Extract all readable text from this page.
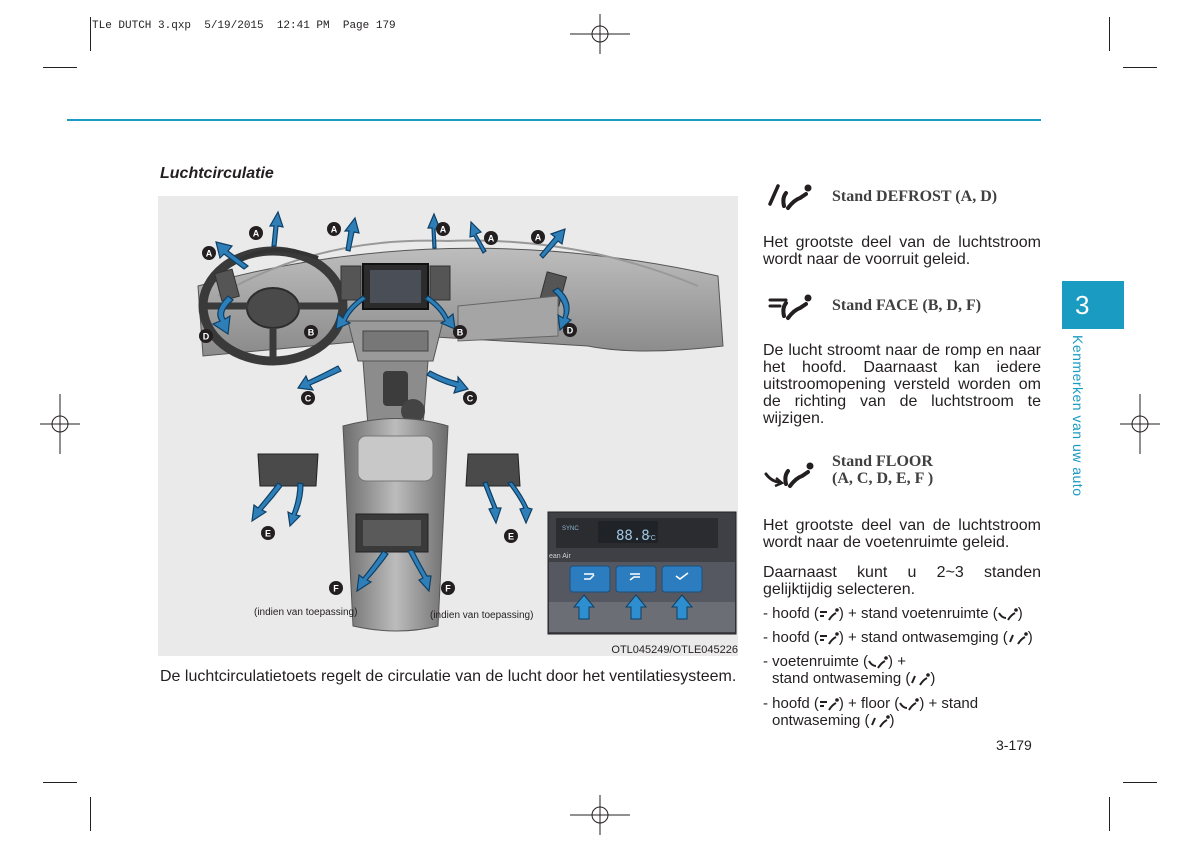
TLe DUTCH 3.qxp  5/19/2015  12:41 PM  Page 179
Luchtcirculatie
A
A	A	A
A	A
B	B
C	C
D
D
E	E
F	F
SYNC	88.8
°C
ean Air
(indien van toepassing)	(indien van toepassing)
OTL045249/OTLE045226
De luchtcirculatietoets regelt de circulatie van de lucht door het ventilatiesysteem.
Stand DEFROST (A, D)
Het grootste deel van de luchtstroom wordt naar de voorruit geleid.
Stand FACE (B, D, F)
De lucht stroomt naar de romp en naar het hoofd. Daarnaast kan iedere uitstroomopening versteld worden om de richting van de luchtstroom te wijzigen.
Stand FLOOR
(A, C, D, E, F )
Het grootste deel van de luchtstroom wordt naar de voetenruimte geleid.
Daarnaast kunt u 2~3 standen gelijktijdig selecteren.
- hoofd ( ) + stand voetenruimte ( )
- hoofd ( ) + stand ontwasemging ( )
- voetenruimte ( ) +
stand ontwaseming ( )
- hoofd ( ) + floor ( ) + stand
ontwaseming ( )
3-179
3
Kenmerken van uw auto
